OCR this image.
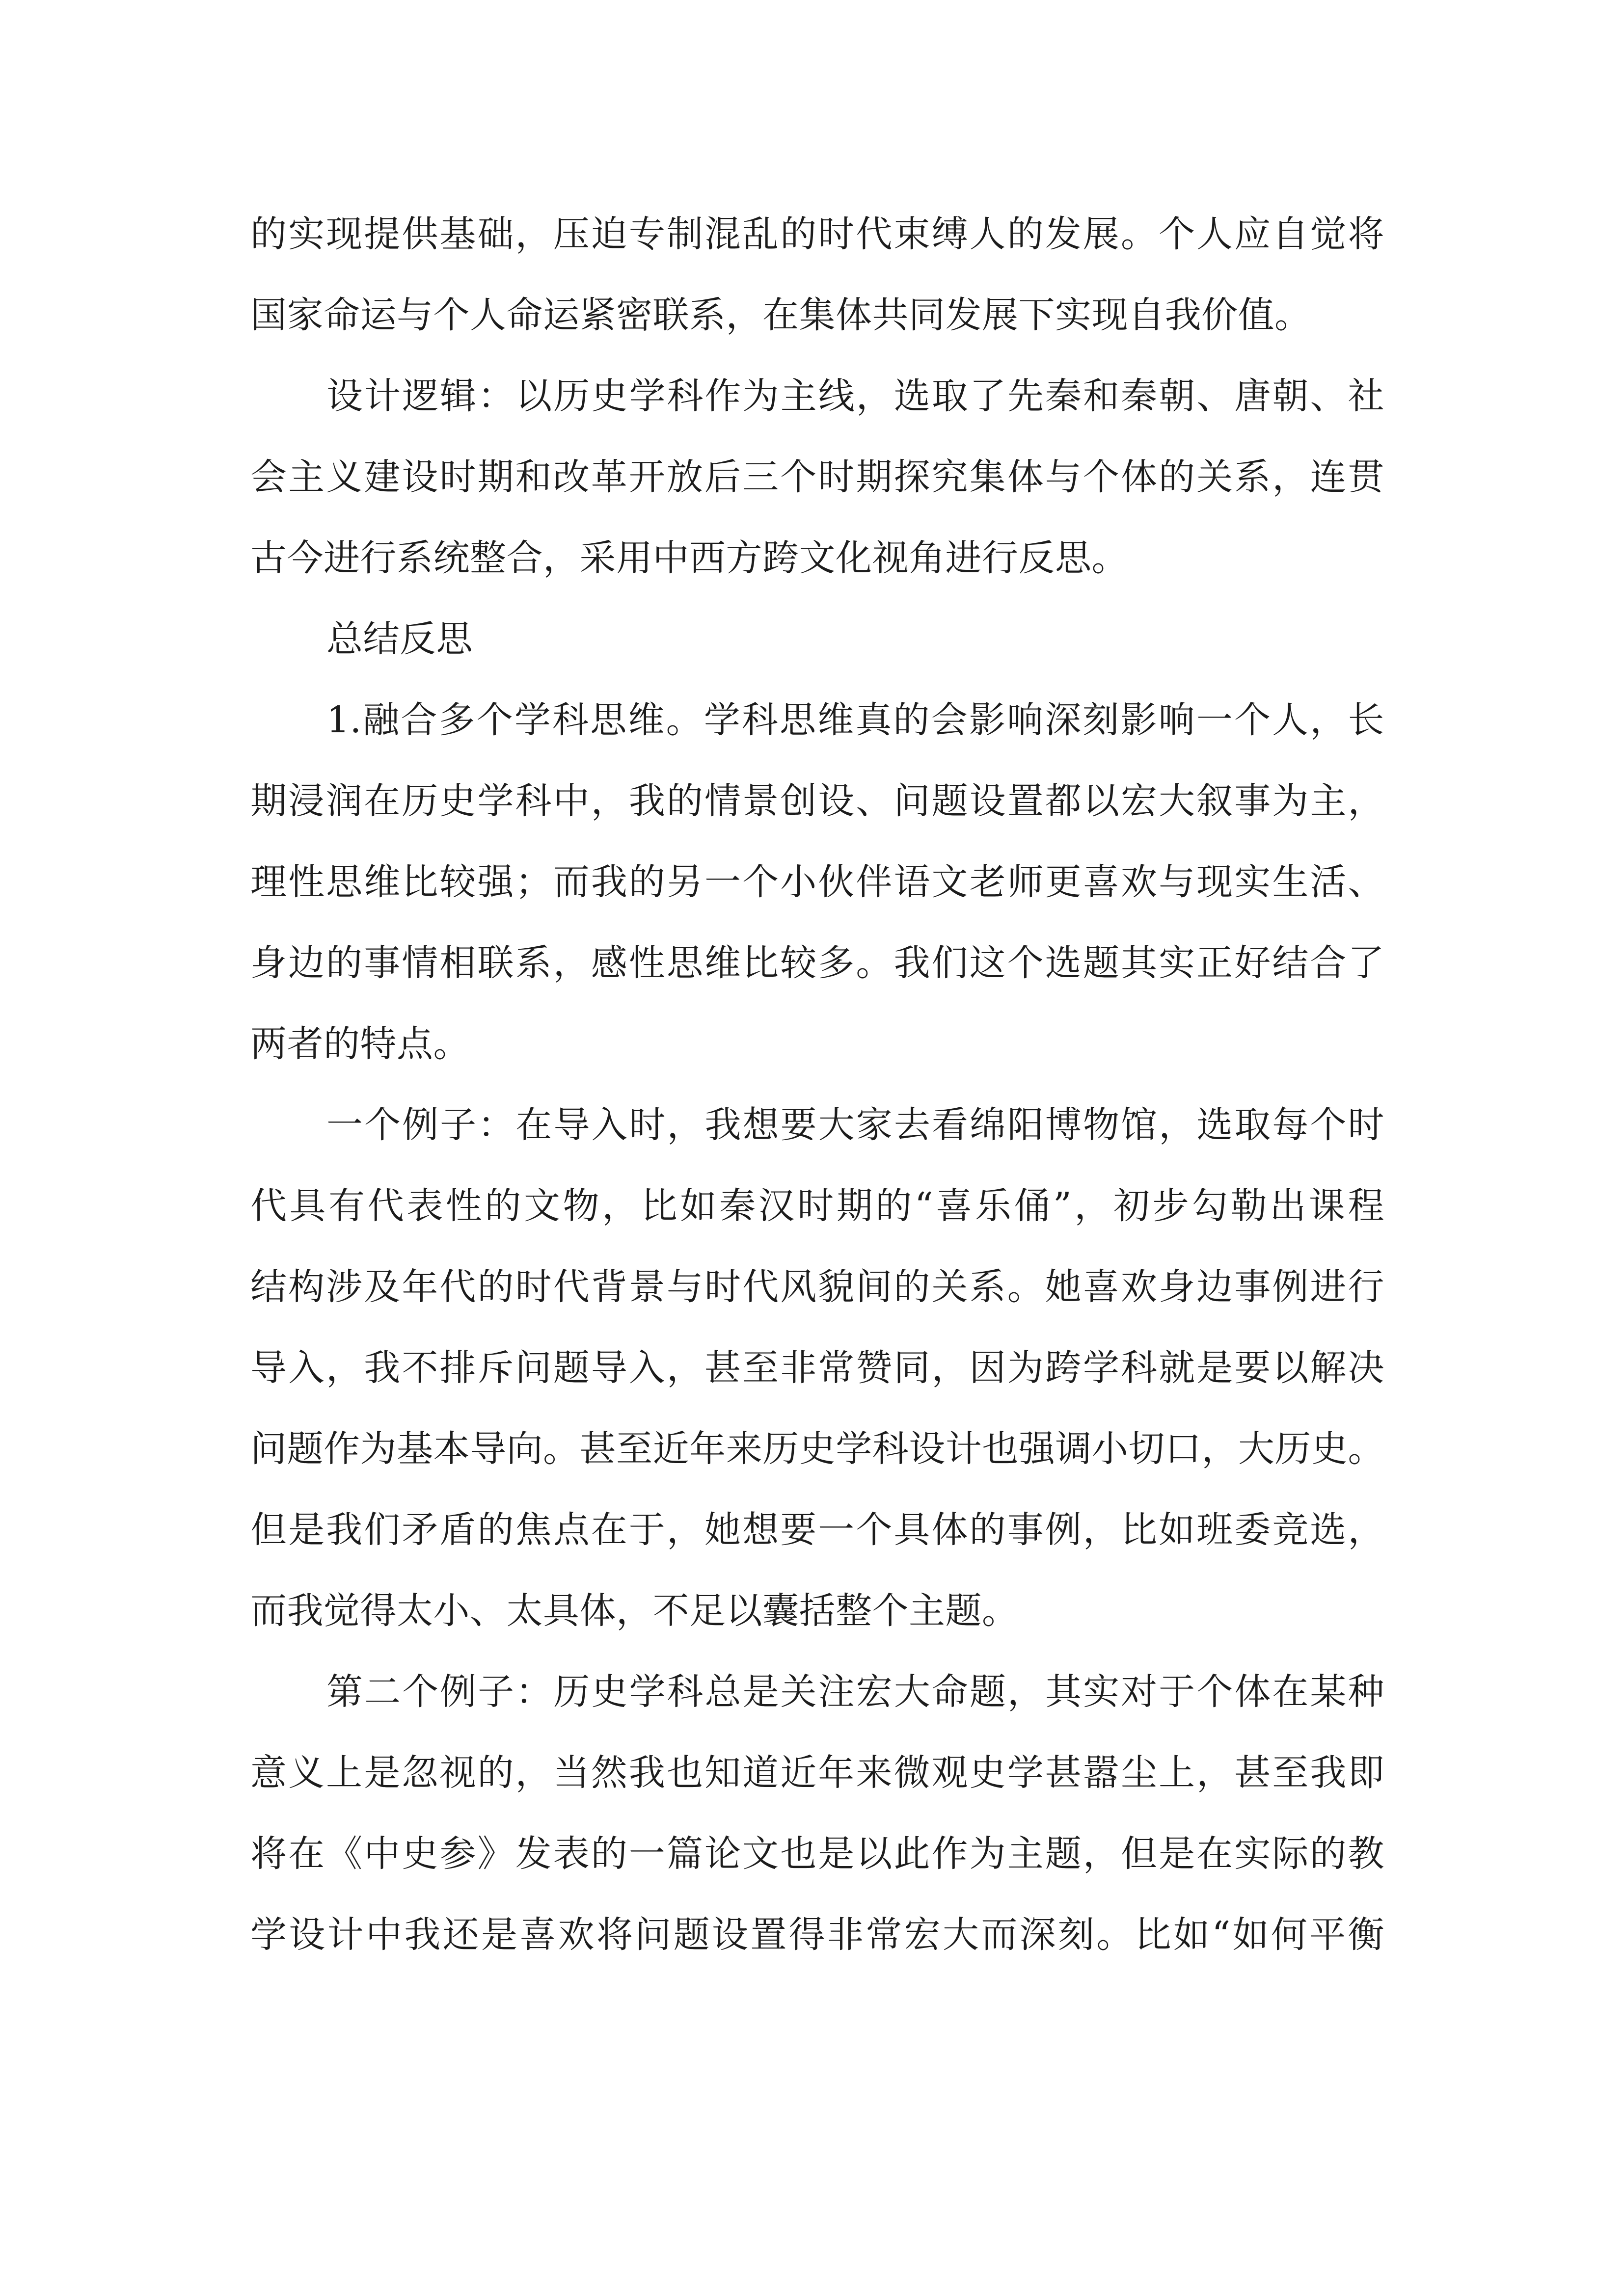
的实现提供基础，压迫专制混乱的时代束缚人的发展。个人应自觉将
国家命运与个人命运紧密联系，在集体共同发展下实现自我价值。
设计逻辑：以历史学科作为主线，选取了先秦和秦朝、唐朝、社
会主义建设时期和改革开放后三个时期探究集体与个体的关系，连贯
古今进行系统整合，采用中西方跨文化视角进行反思。
总结反思
1.融合多个学科思维。学科思维真的会影响深刻影响一个人，长
期浸润在历史学科中，我的情景创设、问题设置都以宏大叙事为主，
理性思维比较强；而我的另一个小伙伴语文老师更喜欢与现实生活、
身边的事情相联系，感性思维比较多。我们这个选题其实正好结合了
两者的特点。
一个例子：在导入时，我想要大家去看绵阳博物馆，选取每个时
代具有代表性的文物，比如秦汉时期的“喜乐俑”，初步勾勒出课程
结构涉及年代的时代背景与时代风貌间的关系。她喜欢身边事例进行
导入，我不排斥问题导入，甚至非常赞同，因为跨学科就是要以解决
问题作为基本导向。甚至近年来历史学科设计也强调小切口，大历史。
但是我们矛盾的焦点在于，她想要一个具体的事例，比如班委竞选，
而我觉得太小、太具体，不足以囊括整个主题。
第二个例子：历史学科总是关注宏大命题，其实对于个体在某种
意义上是忽视的，当然我也知道近年来微观史学甚嚣尘上，甚至我即
将在《中史参》发表的一篇论文也是以此作为主题，但是在实际的教
学设计中我还是喜欢将问题设置得非常宏大而深刻。比如“如何平衡
